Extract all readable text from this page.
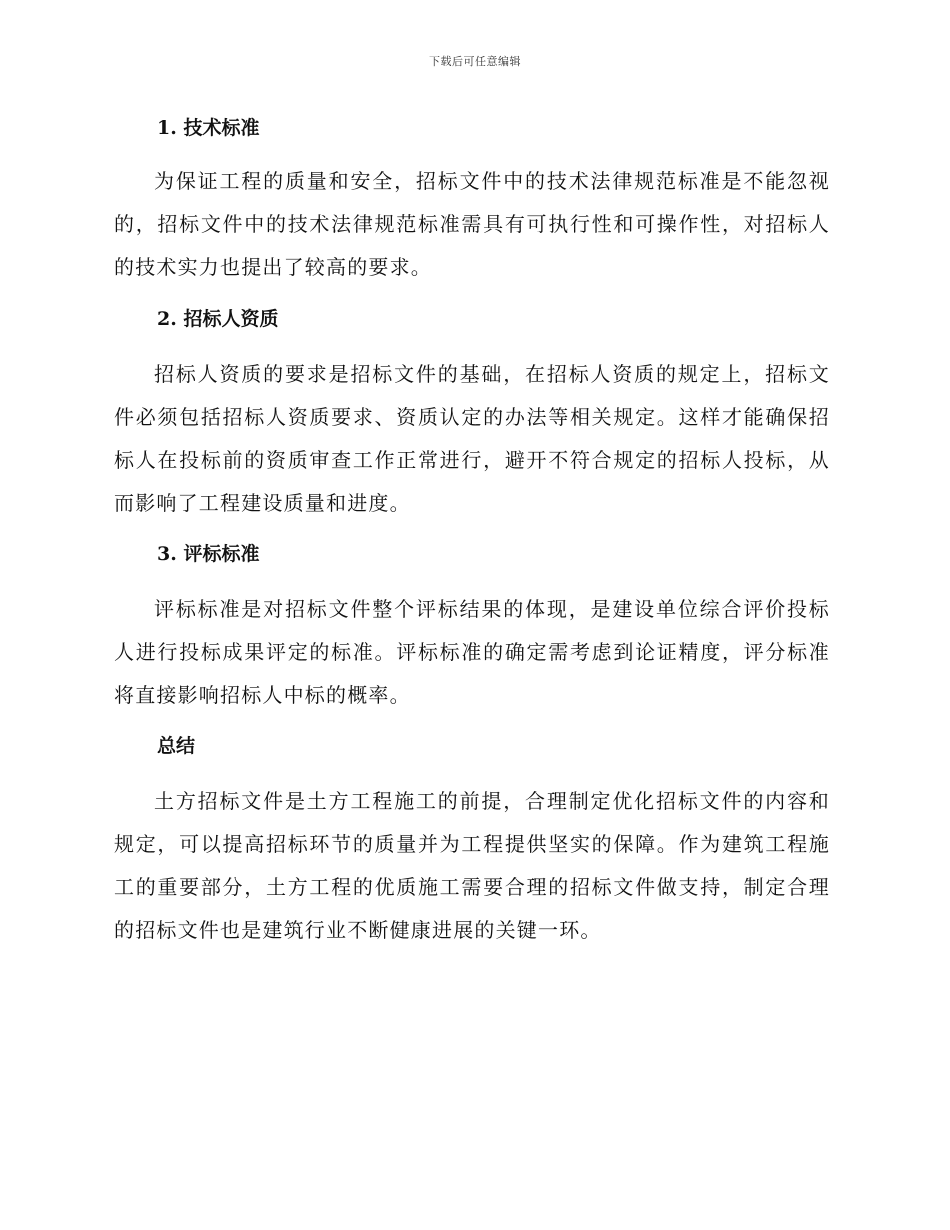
下载后可任意编辑
1. 技术标准

为保证工程的质量和安全，招标文件中的技术法律规范标准是不能忽视的，招标文件中的技术法律规范标准需具有可执行性和可操作性，对招标人的技术实力也提出了较高的要求。

2. 招标人资质

招标人资质的要求是招标文件的基础，在招标人资质的规定上，招标文件必须包括招标人资质要求、资质认定的办法等相关规定。这样才能确保招标人在投标前的资质审查工作正常进行，避开不符合规定的招标人投标，从而影响了工程建设质量和进度。

3. 评标标准

评标标准是对招标文件整个评标结果的体现，是建设单位综合评价投标人进行投标成果评定的标准。评标标准的确定需考虑到论证精度，评分标准将直接影响招标人中标的概率。

总结

土方招标文件是土方工程施工的前提，合理制定优化招标文件的内容和规定，可以提高招标环节的质量并为工程提供坚实的保障。作为建筑工程施工的重要部分，土方工程的优质施工需要合理的招标文件做支持，制定合理的招标文件也是建筑行业不断健康进展的关键一环。
